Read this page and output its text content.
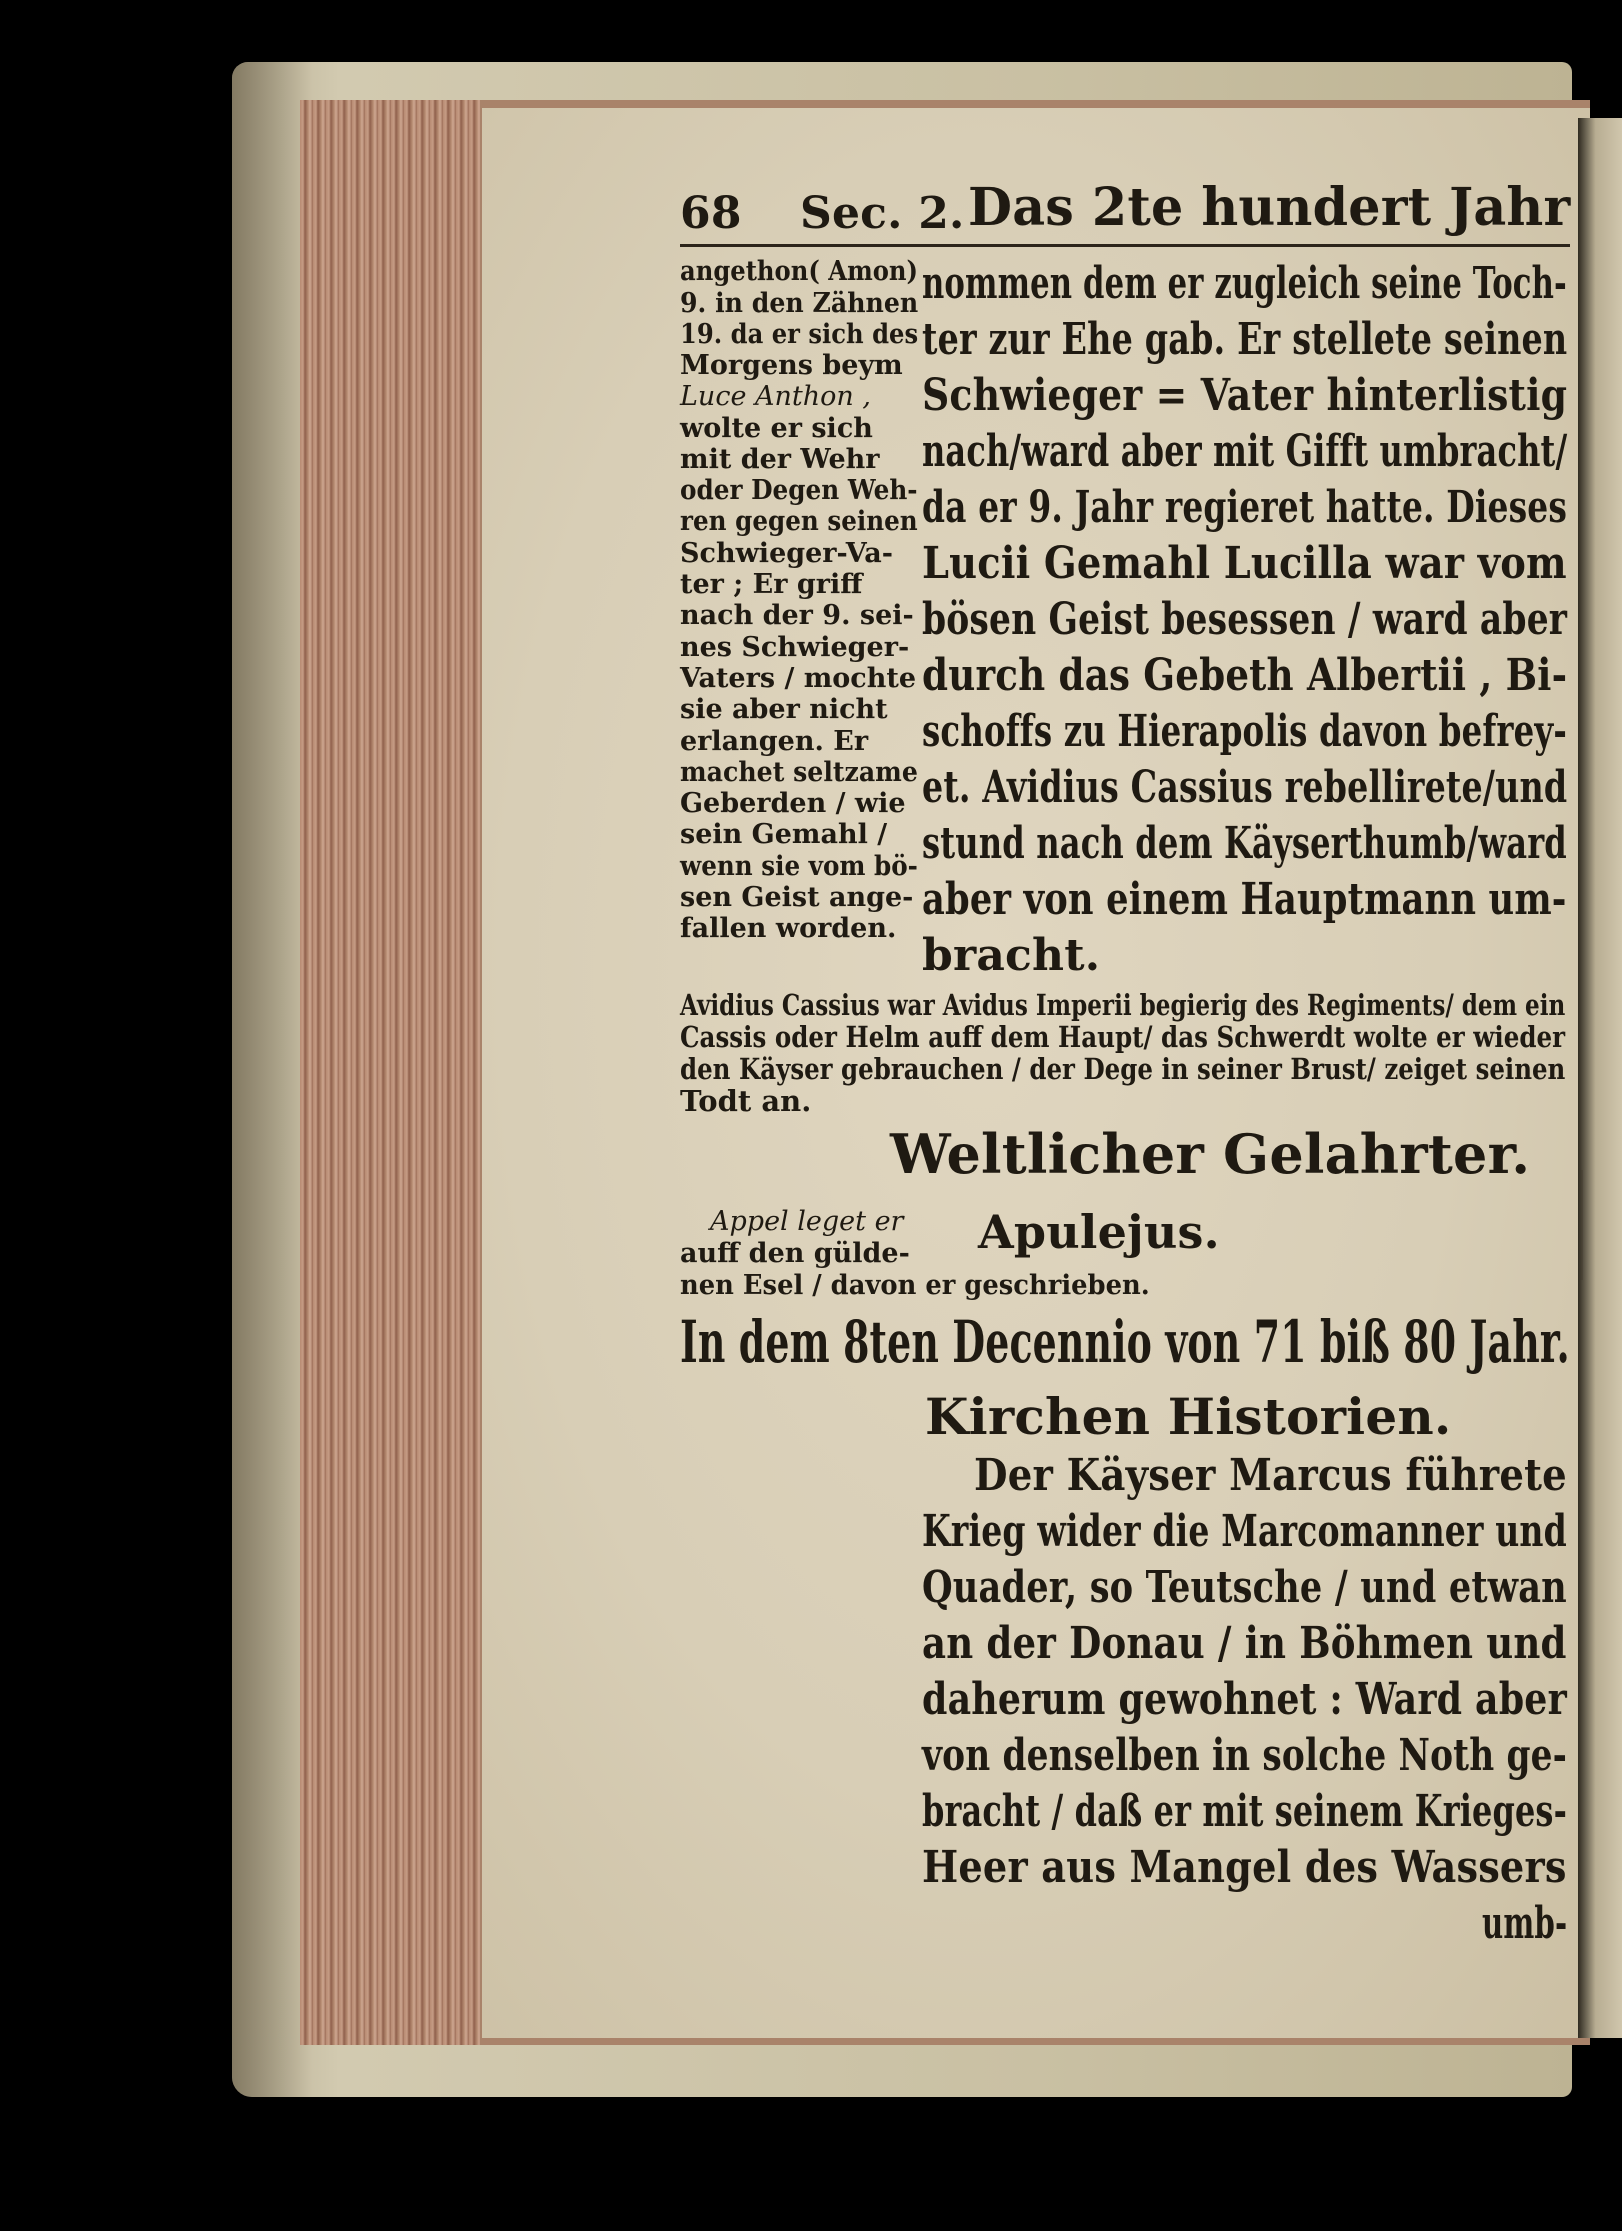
68 Sec. 2. Das 2te hundert Jahr
angethon( Amon)
9. in den Zähnen
19. da er sich des
Morgens beym
Luce Anthon ,
wolte er sich
mit der Wehr
oder Degen Weh-
ren gegen seinen
Schwieger-Va-
ter ; Er griff
nach der 9. sei-
nes Schwieger-
Vaters / mochte
sie aber nicht
erlangen. Er
machet seltzame
Geberden / wie
sein Gemahl /
wenn sie vom bö-
sen Geist ange-
fallen worden.
nommen dem er zugleich seine Toch-
ter zur Ehe gab. Er stellete seinen
Schwieger = Vater hinterlistig
nach/ward aber mit Gifft umbracht/
da er 9. Jahr regieret hatte. Dieses
Lucii Gemahl Lucilla war vom
bösen Geist besessen / ward aber
durch das Gebeth Albertii , Bi-
schoffs zu Hierapolis davon befrey-
et. Avidius Cassius rebellirete/und
stund nach dem Käyserthumb/ward
aber von einem Hauptmann um-
bracht.
Avidius Cassius war Avidus Imperii begierig des Regiments/ dem ein
Cassis oder Helm auff dem Haupt/ das Schwerdt wolte er wieder
den Käyser gebrauchen / der Dege in seiner Brust/ zeiget seinen
Todt an.
Weltlicher Gelahrter.
Appel leget er
auff den gülde-
nen Esel / davon er geschrieben.
Apulejus.
In dem 8ten Decennio von 71 biß 80 Jahr.
Kirchen Historien.
Der Käyser Marcus führete
Krieg wider die Marcomanner und
Quader, so Teutsche / und etwan
an der Donau / in Böhmen und
daherum gewohnet : Ward aber
von denselben in solche Noth ge-
bracht / daß er mit seinem Krieges-
Heer aus Mangel des Wassers
umb-
